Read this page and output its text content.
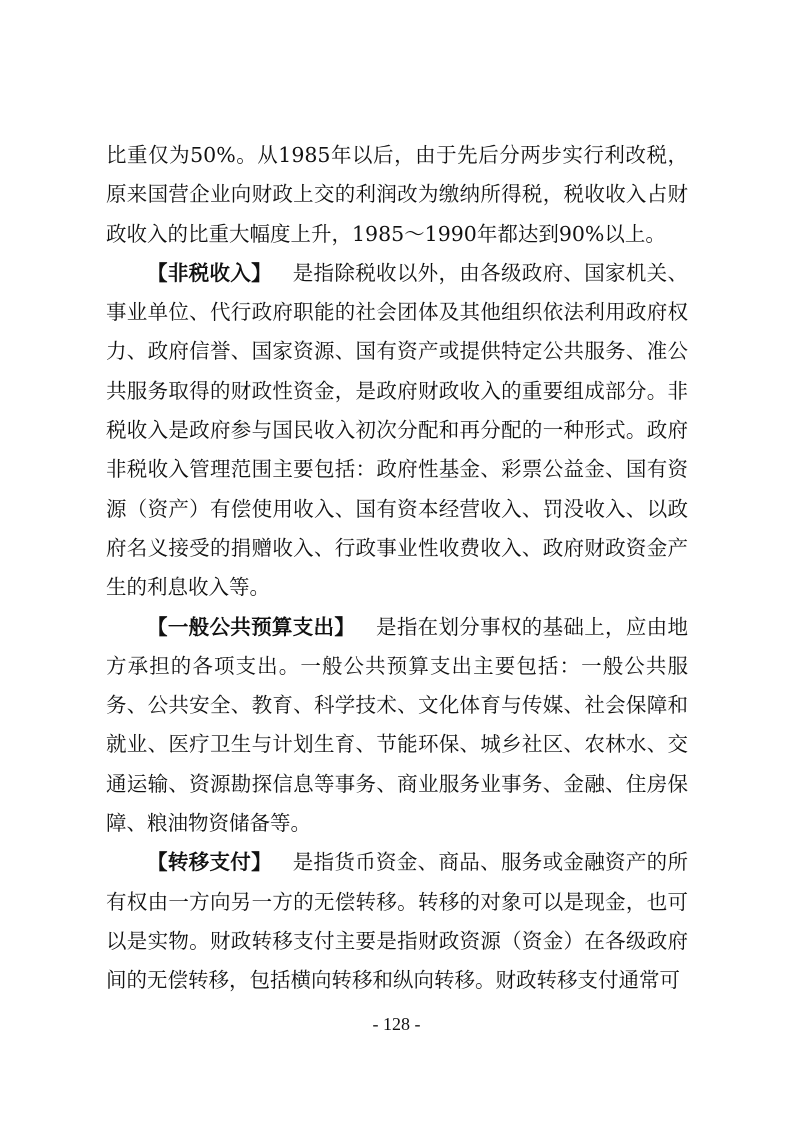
比重仅为50%。从1985年以后，由于先后分两步实行利改税，原来国营企业向财政上交的利润改为缴纳所得税，税收收入占财政收入的比重大幅度上升，1985～1990年都达到90%以上。

【非税收入】  是指除税收以外，由各级政府、国家机关、事业单位、代行政府职能的社会团体及其他组织依法利用政府权力、政府信誉、国家资源、国有资产或提供特定公共服务、准公共服务取得的财政性资金，是政府财政收入的重要组成部分。非税收入是政府参与国民收入初次分配和再分配的一种形式。政府非税收入管理范围主要包括：政府性基金、彩票公益金、国有资源（资产）有偿使用收入、国有资本经营收入、罚没收入、以政府名义接受的捐赠收入、行政事业性收费收入、政府财政资金产生的利息收入等。

【一般公共预算支出】  是指在划分事权的基础上，应由地方承担的各项支出。一般公共预算支出主要包括：一般公共服务、公共安全、教育、科学技术、文化体育与传媒、社会保障和就业、医疗卫生与计划生育、节能环保、城乡社区、农林水、交通运输、资源勘探信息等事务、商业服务业事务、金融、住房保障、粮油物资储备等。

【转移支付】  是指货币资金、商品、服务或金融资产的所有权由一方向另一方的无偿转移。转移的对象可以是现金，也可以是实物。财政转移支付主要是指财政资源（资金）在各级政府间的无偿转移，包括横向转移和纵向转移。财政转移支付通常可

- 128 -
